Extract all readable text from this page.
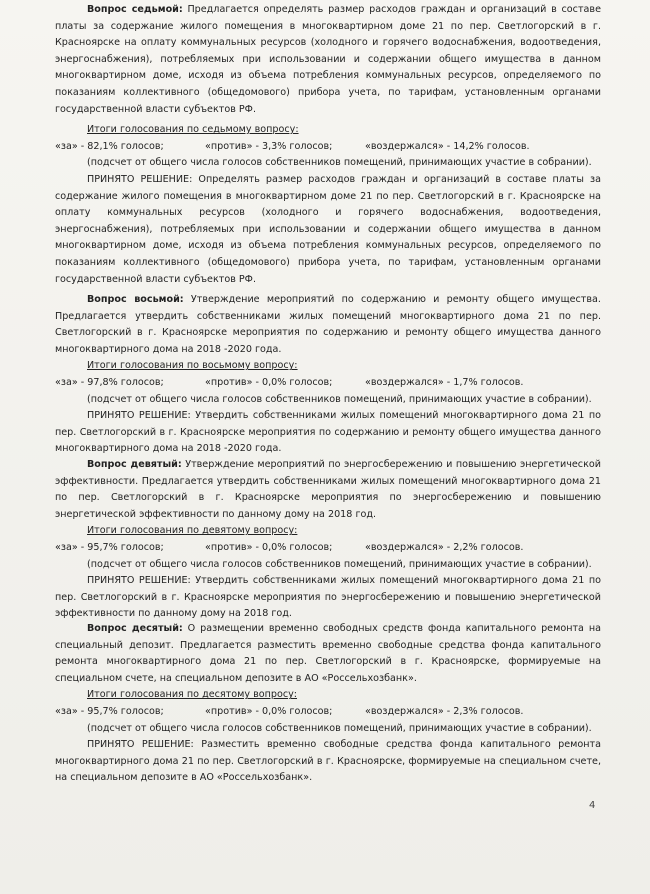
Вопрос седьмой: Предлагается определять размер расходов граждан и организаций в составе платы за содержание жилого помещения в многоквартирном доме 21 по пер. Светлогорский в г. Красноярске на оплату коммунальных ресурсов (холодного и горячего водоснабжения, водоотведения, энергоснабжения), потребляемых при использовании и содержании общего имущества в данном многоквартирном доме, исходя из объема потребления коммунальных ресурсов, определяемого по показаниям коллективного (общедомового) прибора учета, по тарифам, установленным органами государственной власти субъектов РФ.

Итоги голосования по седьмому вопросу:

«за» - 82,1% голосов;	«против» - 3,3% голосов;	«воздержался» - 14,2% голосов.

(подсчет от общего числа голосов собственников помещений, принимающих участие в собрании).

ПРИНЯТО РЕШЕНИЕ: Определять размер расходов граждан и организаций в составе платы за содержание жилого помещения в многоквартирном доме 21 по пер. Светлогорский в г. Красноярске на оплату коммунальных ресурсов (холодного и горячего водоснабжения, водоотведения, энергоснабжения), потребляемых при использовании и содержании общего имущества в данном многоквартирном доме, исходя из объема потребления коммунальных ресурсов, определяемого по показаниям коллективного (общедомового) прибора учета, по тарифам, установленным органами государственной власти субъектов РФ.

Вопрос восьмой: Утверждение мероприятий по содержанию и ремонту общего имущества. Предлагается утвердить собственниками жилых помещений многоквартирного дома 21 по пер. Светлогорский в г. Красноярске мероприятия по содержанию и ремонту общего имущества данного многоквартирного дома на 2018 -2020 года.

Итоги голосования по восьмому вопросу:

«за» - 97,8% голосов;	«против» - 0,0% голосов;	«воздержался» - 1,7% голосов.

(подсчет от общего числа голосов собственников помещений, принимающих участие в собрании).

ПРИНЯТО РЕШЕНИЕ: Утвердить собственниками жилых помещений многоквартирного дома 21 по пер. Светлогорский в г. Красноярске мероприятия по содержанию и ремонту общего имущества данного многоквартирного дома на 2018 -2020 года.

Вопрос девятый: Утверждение мероприятий по энергосбережению и повышению энергетической эффективности. Предлагается утвердить собственниками жилых помещений многоквартирного дома 21 по пер. Светлогорский в г. Красноярске мероприятия по энергосбережению и повышению энергетической эффективности по данному дому на 2018 год.

Итоги голосования по девятому вопросу:

«за» - 95,7% голосов;	«против» - 0,0% голосов;	«воздержался» - 2,2% голосов.

(подсчет от общего числа голосов собственников помещений, принимающих участие в собрании).

ПРИНЯТО РЕШЕНИЕ: Утвердить собственниками жилых помещений многоквартирного дома 21 по пер. Светлогорский в г. Красноярске мероприятия по энергосбережению и повышению энергетической эффективности по данному дому на 2018 год.

Вопрос десятый: О размещении временно свободных средств фонда капитального ремонта на специальный депозит. Предлагается разместить временно свободные средства фонда капитального ремонта многоквартирного дома 21 по пер. Светлогорский в г. Красноярске, формируемые на специальном счете, на специальном депозите в АО «Россельхозбанк».

Итоги голосования по десятому вопросу:

«за» - 95,7% голосов;	«против» - 0,0% голосов;	«воздержался» - 2,3% голосов.

(подсчет от общего числа голосов собственников помещений, принимающих участие в собрании).

ПРИНЯТО РЕШЕНИЕ: Разместить временно свободные средства фонда капитального ремонта многоквартирного дома 21 по пер. Светлогорский в г. Красноярске, формируемые на специальном счете, на специальном депозите в АО «Россельхозбанк».

4
